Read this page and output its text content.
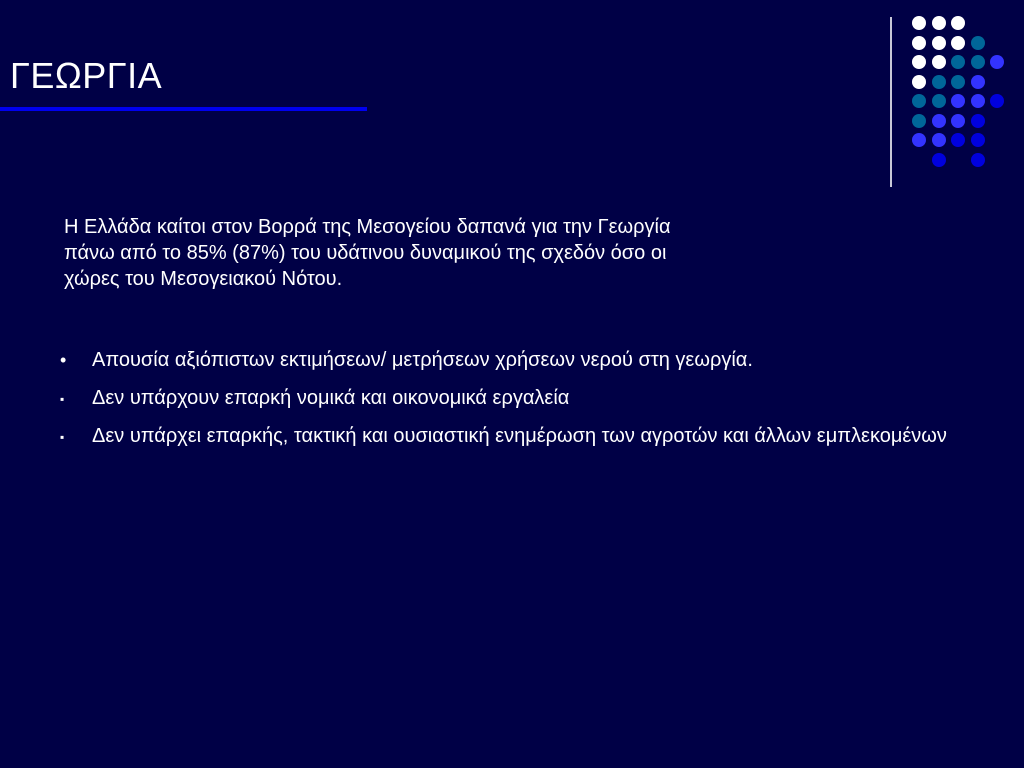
ΓΕΩΡΓΙΑ
Η Ελλάδα καίτοι στον Βορρά της Μεσογείου δαπανά για την Γεωργία
πάνω από το 85% (87%) του υδάτινου δυναμικού της σχεδόν όσο οι
χώρες του Μεσογειακού Νότου.
•	Απουσία αξιόπιστων εκτιμήσεων/ μετρήσεων χρήσεων νερού στη γεωργία.
▪	Δεν υπάρχουν επαρκή νομικά και οικονομικά εργαλεία
▪	Δεν υπάρχει επαρκής, τακτική και ουσιαστική ενημέρωση των αγροτών και άλλων εμπλεκομένων
